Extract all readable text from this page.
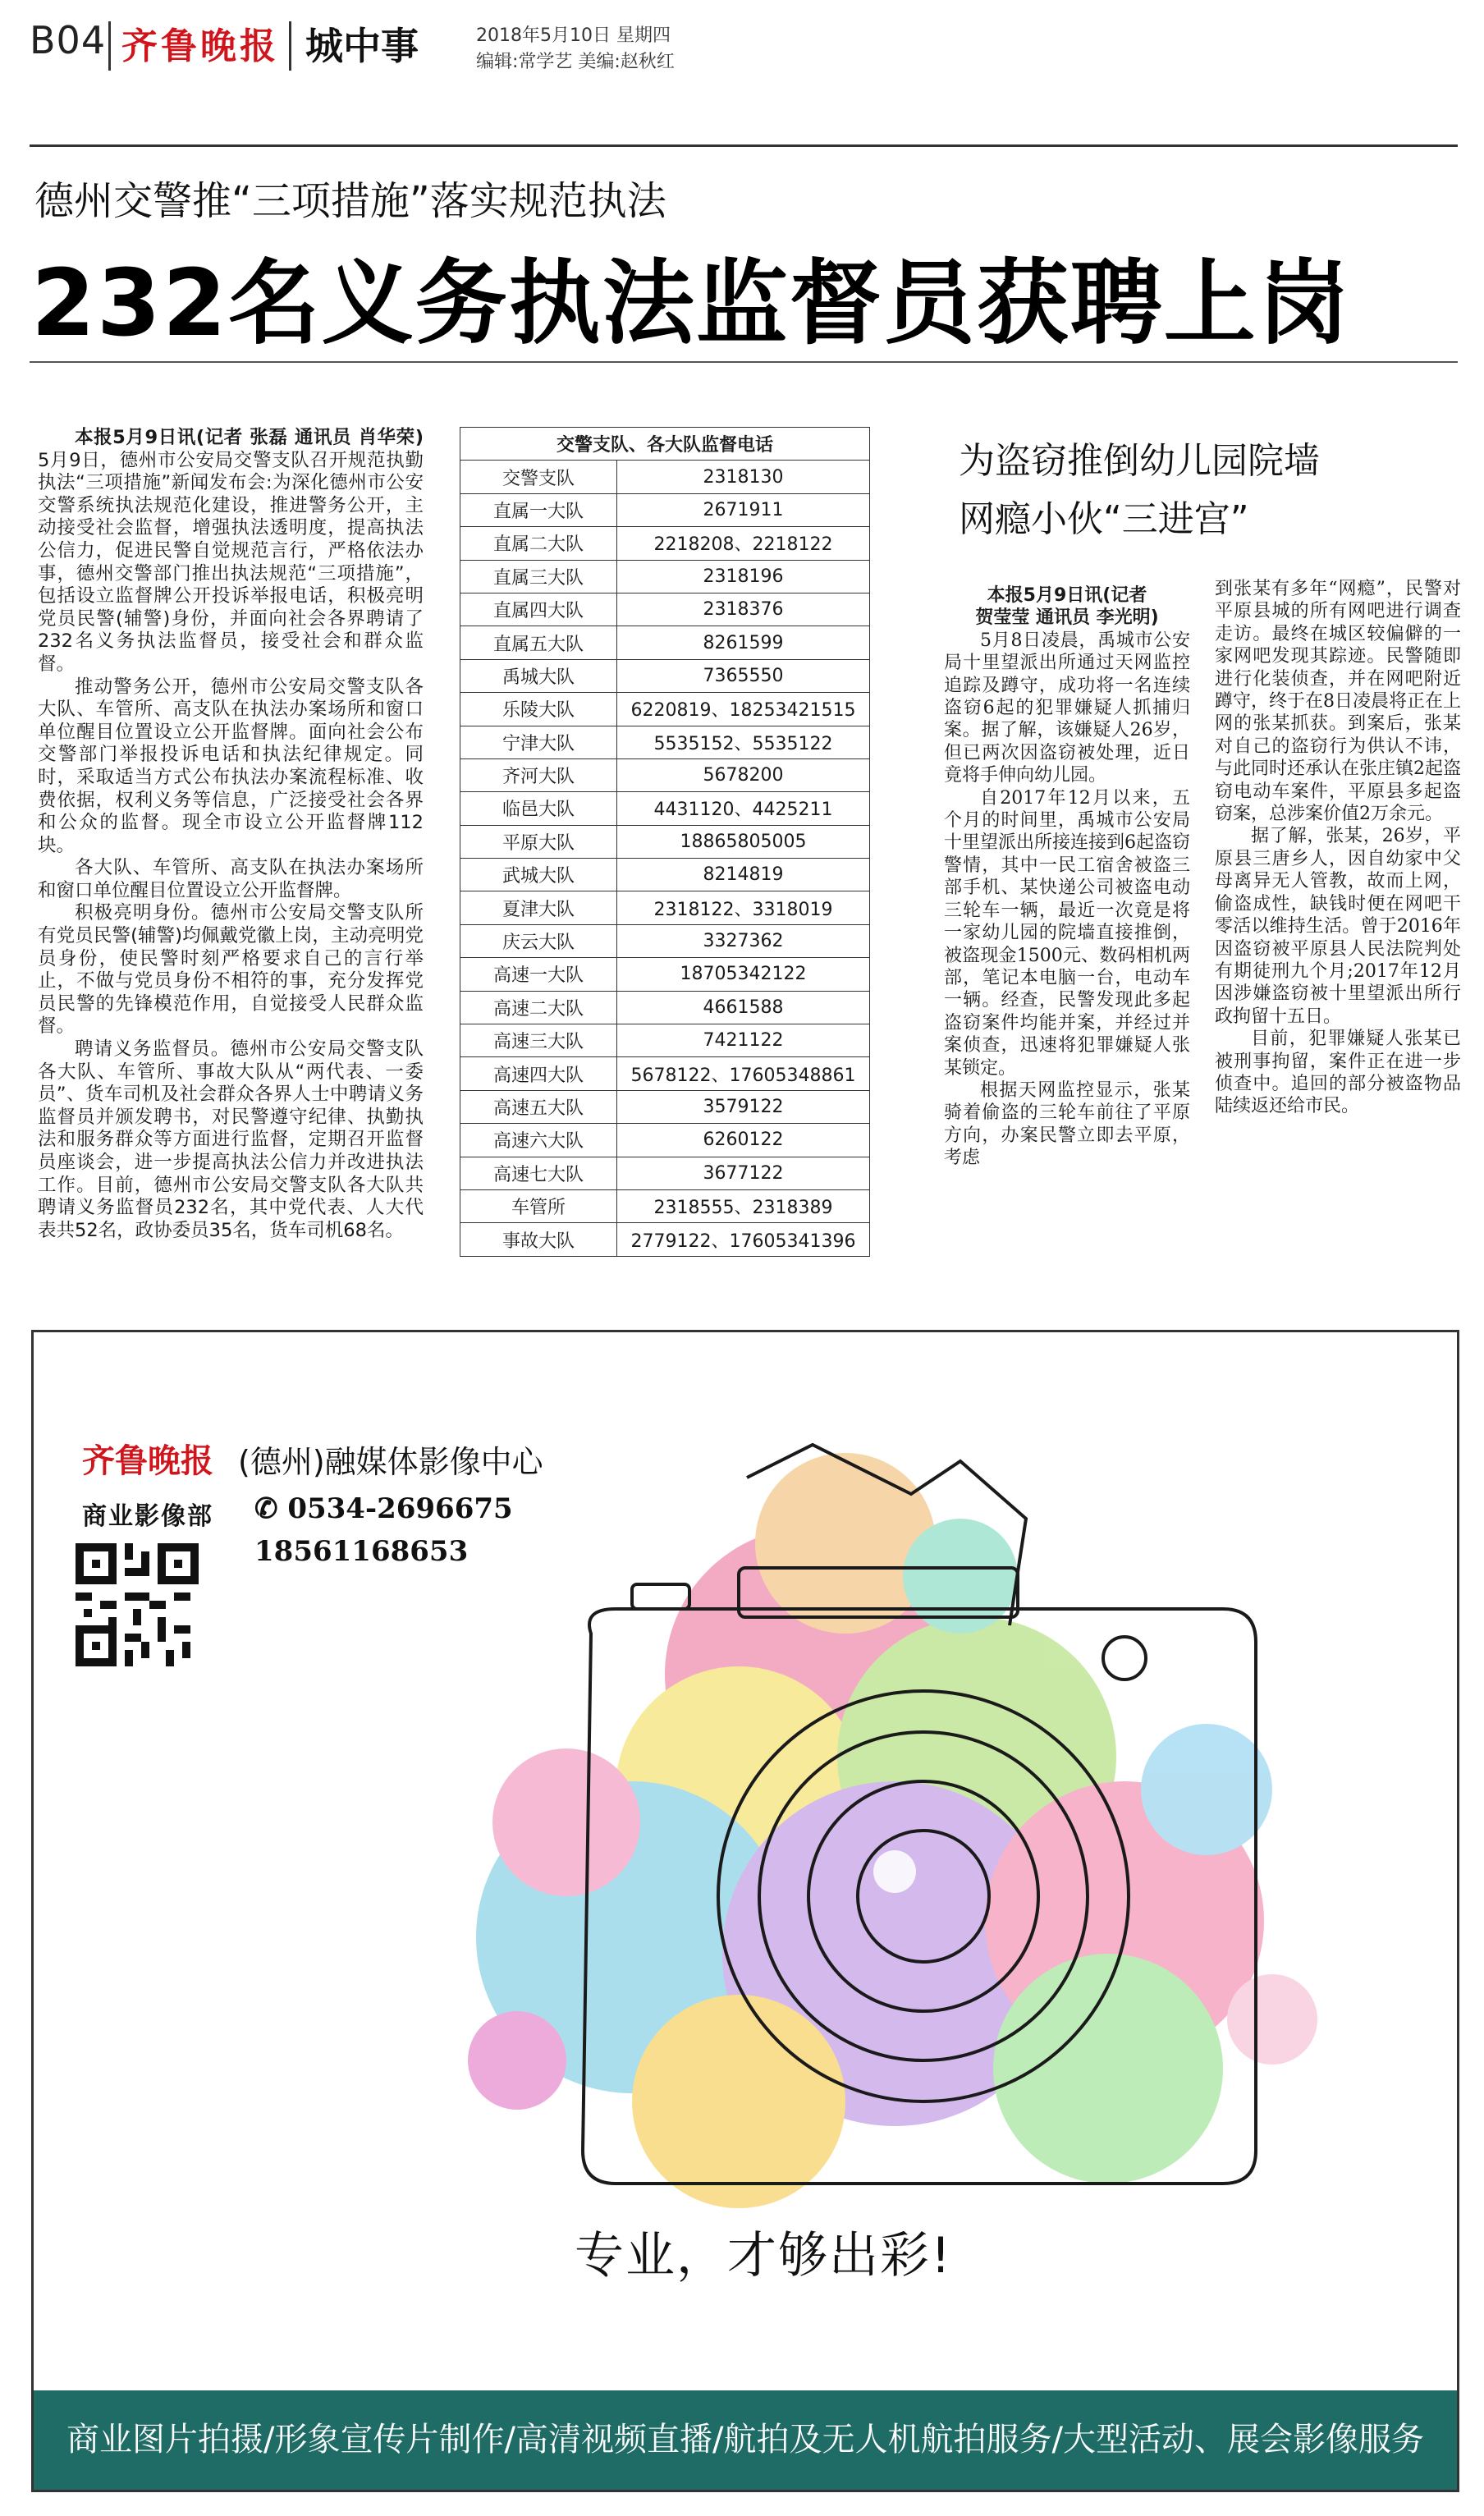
B04 齐鲁晚报 城中事	2018年5月10日 星期四
编辑:常学艺 美编:赵秋红
德州交警推“三项措施”落实规范执法
232名义务执法监督员获聘上岗

本报5月9日讯(记者 张磊 通讯员 肖华荣) 5月9日，德州市公安局交警支队召开规范执勤执法“三项措施”新闻发布会:为深化德州市公安交警系统执法规范化建设，推进警务公开，主动接受社会监督，增强执法透明度，提高执法公信力，促进民警自觉规范言行，严格依法办事，德州交警部门推出执法规范“三项措施”，包括设立监督牌公开投诉举报电话，积极亮明党员民警(辅警)身份，并面向社会各界聘请了232名义务执法监督员，接受社会和群众监督。

推动警务公开，德州市公安局交警支队各大队、车管所、高支队在执法办案场所和窗口单位醒目位置设立公开监督牌。面向社会公布交警部门举报投诉电话和执法纪律规定。同时，采取适当方式公布执法办案流程标准、收费依据，权利义务等信息，广泛接受社会各界和公众的监督。现全市设立公开监督牌112块。

各大队、车管所、高支队在执法办案场所和窗口单位醒目位置设立公开监督牌。

积极亮明身份。德州市公安局交警支队所有党员民警(辅警)均佩戴党徽上岗，主动亮明党员身份，使民警时刻严格要求自己的言行举止，不做与党员身份不相符的事，充分发挥党员民警的先锋模范作用，自觉接受人民群众监督。

聘请义务监督员。德州市公安局交警支队各大队、车管所、事故大队从“两代表、一委员”、货车司机及社会群众各界人士中聘请义务监督员并颁发聘书，对民警遵守纪律、执勤执法和服务群众等方面进行监督，定期召开监督员座谈会，进一步提高执法公信力并改进执法工作。目前，德州市公安局交警支队各大队共聘请义务监督员232名，其中党代表、人大代表共52名，政协委员35名，货车司机68名。

交警支队、各大队监督电话	
交警支队	2318130
直属一大队	2671911
直属二大队	2218208、2218122
直属三大队	2318196
直属四大队	2318376
直属五大队	8261599
禹城大队	7365550
乐陵大队	6220819、18253421515
宁津大队	5535152、5535122
齐河大队	5678200
临邑大队	4431120、4425211
平原大队	18865805005
武城大队	8214819
夏津大队	2318122、3318019
庆云大队	3327362
高速一大队	18705342122
高速二大队	4661588
高速三大队	7421122
高速四大队	5678122、17605348861
高速五大队	3579122
高速六大队	6260122
高速七大队	3677122
车管所	2318555、2318389
事故大队	2779122、17605341396
为盗窃推倒幼儿园院墙
网瘾小伙“三进宫”

本报5月9日讯(记者

贺莹莹 通讯员 李光明)

5月8日凌晨，禹城市公安局十里望派出所通过天网监控追踪及蹲守，成功将一名连续盗窃6起的犯罪嫌疑人抓捕归案。据了解，该嫌疑人26岁，但已两次因盗窃被处理，近日竟将手伸向幼儿园。

自2017年12月以来，五个月的时间里，禹城市公安局十里望派出所接连接到6起盗窃警情，其中一民工宿舍被盗三部手机、某快递公司被盗电动三轮车一辆，最近一次竟是将一家幼儿园的院墙直接推倒，被盗现金1500元、数码相机两部，笔记本电脑一台，电动车一辆。经查，民警发现此多起盗窃案件均能并案，并经过并案侦查，迅速将犯罪嫌疑人张某锁定。

根据天网监控显示，张某骑着偷盗的三轮车前往了平原方向，办案民警立即去平原，考虑

到张某有多年“网瘾”，民警对平原县城的所有网吧进行调查走访。最终在城区较偏僻的一家网吧发现其踪迹。民警随即进行化装侦查，并在网吧附近蹲守，终于在8日凌晨将正在上网的张某抓获。到案后，张某对自己的盗窃行为供认不讳，与此同时还承认在张庄镇2起盗窃电动车案件，平原县多起盗窃案，总涉案价值2万余元。

据了解，张某，26岁，平原县三唐乡人，因自幼家中父母离异无人管教，故而上网，偷盗成性，缺钱时便在网吧干零活以维持生活。曾于2016年因盗窃被平原县人民法院判处有期徒刑九个月;2017年12月因涉嫌盗窃被十里望派出所行政拘留十五日。

目前，犯罪嫌疑人张某已被刑事拘留，案件正在进一步侦查中。追回的部分被盗物品陆续返还给市民。

齐鲁晚报 (德州)融媒体影像中心
商业影像部 ✆ 0534-2696675
18561168653
专业，才够出彩!
商业图片拍摄/形象宣传片制作/高清视频直播/航拍及无人机航拍服务/大型活动、展会影像服务
